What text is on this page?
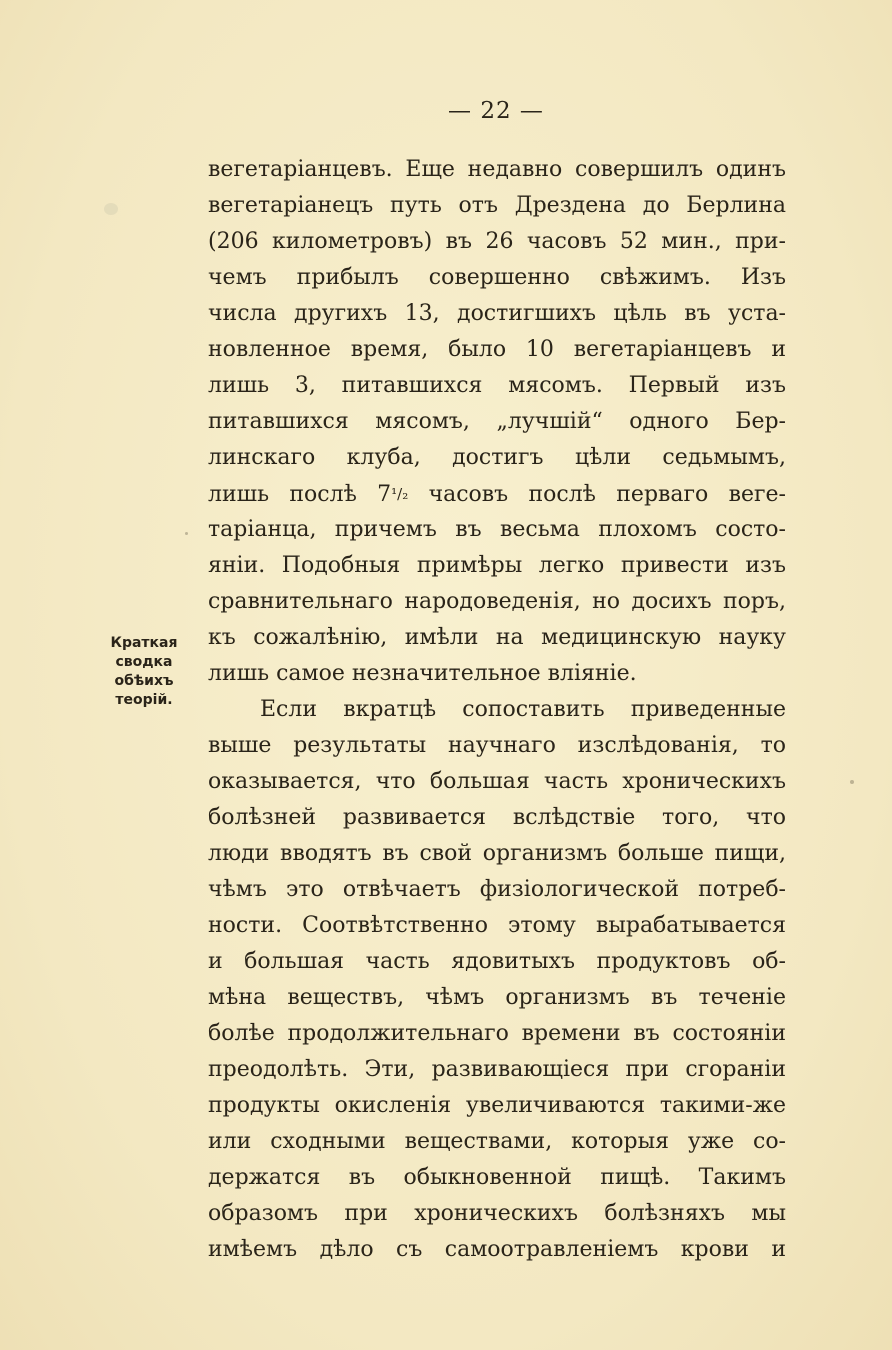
— 22 —
Краткая
сводка
обѣихъ
теорій.
вегетаріанцевъ. Еще недавно совершилъ одинъ
вегетаріанецъ путь отъ Дрездена до Берлина
(206 километровъ) въ 26 часовъ 52 мин., при-
чемъ прибылъ совершенно свѣжимъ. Изъ
числа другихъ 13, достигшихъ цѣль въ уста-
новленное время, было 10 вегетаріанцевъ и
лишь 3, питавшихся мясомъ. Первый изъ
питавшихся мясомъ, „лучшій“ одного Бер-
линскаго клуба, достигъ цѣли седьмымъ,
лишь послѣ 7¹/₂ часовъ послѣ перваго веге-
таріанца, причемъ въ весьма плохомъ состо-
яніи. Подобныя примѣры легко привести изъ
сравнительнаго народоведенія, но досихъ поръ,
къ сожалѣнію, имѣли на медицинскую науку
лишь самое незначительное вліяніе.
Если вкратцѣ сопоставить приведенные
выше результаты научнаго изслѣдованія, то
оказывается, что большая часть хроническихъ
болѣзней развивается вслѣдствіе того, что
люди вводятъ въ свой организмъ больше пищи,
чѣмъ это отвѣчаетъ физіологической потреб-
ности. Соотвѣтственно этому вырабатывается
и большая часть ядовитыхъ продуктовъ об-
мѣна веществъ, чѣмъ организмъ въ теченіе
болѣе продолжительнаго времени въ состояніи
преодолѣть. Эти, развивающіеся при сгораніи
продукты окисленія увеличиваются такими-же
или сходными веществами, которыя уже со-
держатся въ обыкновенной пищѣ. Такимъ
образомъ при хроническихъ болѣзняхъ мы
имѣемъ дѣло съ самоотравленіемъ крови и
